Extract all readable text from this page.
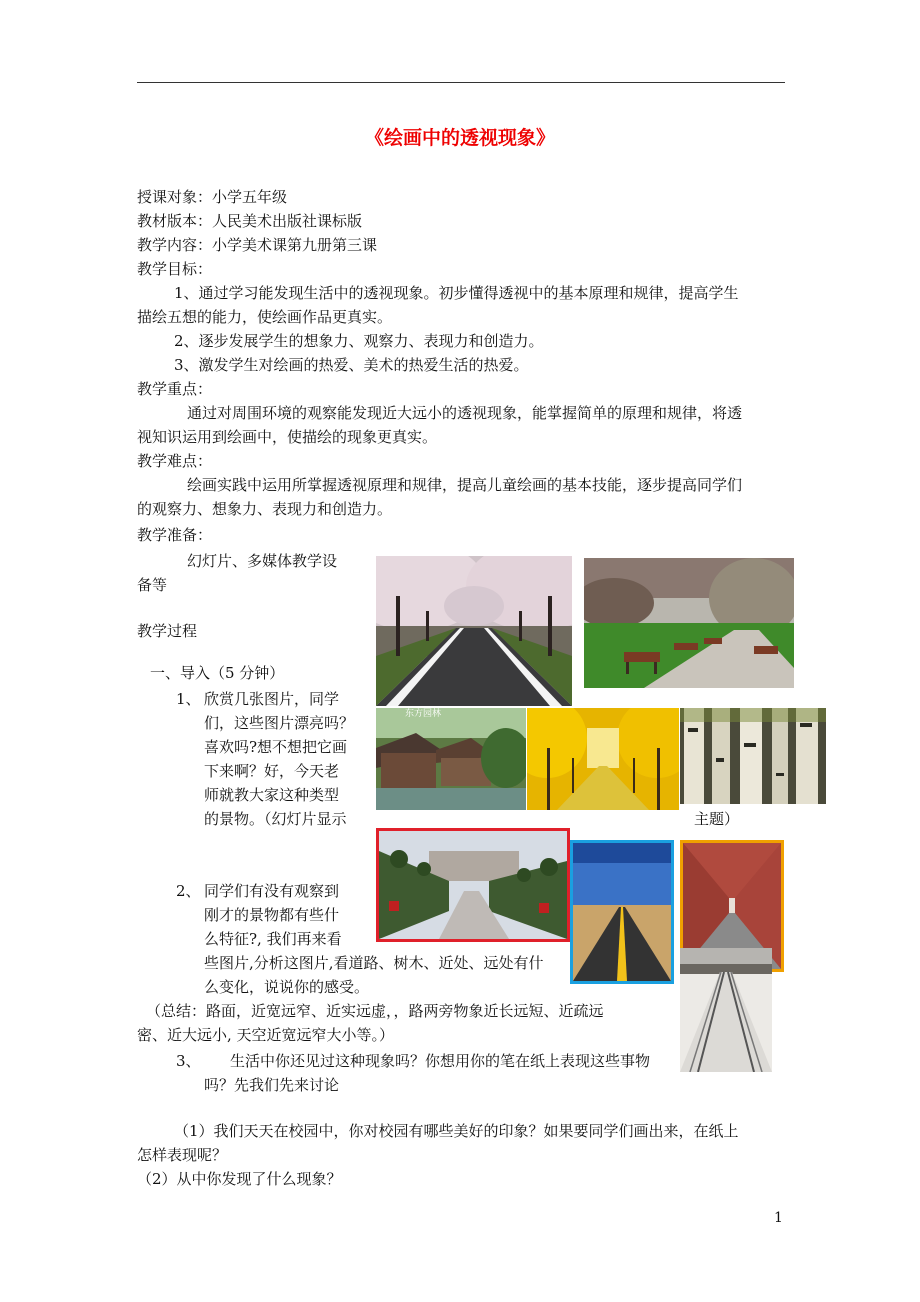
《绘画中的透视现象》
授课对象：小学五年级
教材版本：人民美术出版社课标版
教学内容：小学美术课第九册第三课
教学目标：
1、通过学习能发现生活中的透视现象。初步懂得透视中的基本原理和规律，提高学生
描绘五想的能力，使绘画作品更真实。
2、逐步发展学生的想象力、观察力、表现力和创造力。
3、激发学生对绘画的热爱、美术的热爱生活的热爱。
教学重点：
通过对周围环境的观察能发现近大远小的透视现象，能掌握简单的原理和规律，将透
视知识运用到绘画中，使描绘的现象更真实。
教学难点：
绘画实践中运用所掌握透视原理和规律，提高儿童绘画的基本技能，逐步提高同学们
的观察力、想象力、表现力和创造力。
教学准备：
幻灯片、多媒体教学设
备等
教学过程
一、导入（5 分钟）
1、 欣赏几张图片，同学
们，这些图片漂亮吗？
喜欢吗?想不想把它画
下来啊？好，今天老
师就教大家这种类型
的景物。（幻灯片显示	主题）
2、 同学们有没有观察到
刚才的景物都有些什
么特征?, 我们再来看
些图片,分析这图片,看道路、树木、近处、远处有什
么变化，说说你的感受。
（总结：路面，近宽远窄、近实远虚，，路两旁物象近长远短、近疏远
密、近大远小, 天空近宽远窄大小等。）
3、 生活中你还见过这种现象吗？你想用你的笔在纸上表现这些事物
吗？先我们先来讨论
（1）我们天天在校园中，你对校园有哪些美好的印象？如果要同学们画出来，在纸上
怎样表现呢？
（2）从中你发现了什么现象？
东方园林
1
